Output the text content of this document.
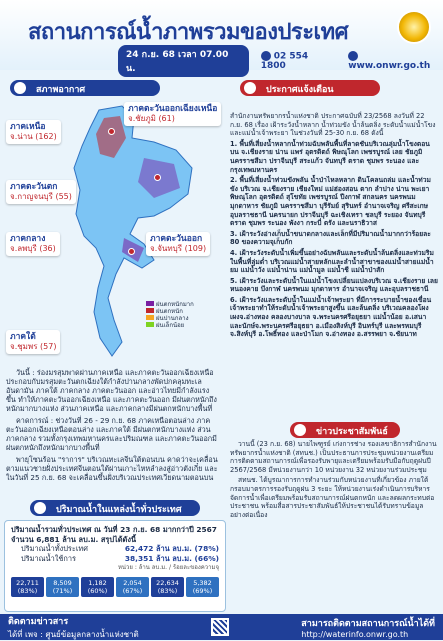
สถานการณ์น้ำภาพรวมของประเทศ
24 ก.ย. 68 เวลา 07.00 น.
02 554 1800	www.onwr.go.th
สภาพอากาศ	ประกาศแจ้งเตือน
ภาคเหนือ
จ.น่าน (162)
ภาคตะวันออกเฉียงเหนือ
จ.ชัยภูมิ (61)
ภาคตะวันตก
จ.กาญจนบุรี (55)
ภาคกลาง
จ.ลพบุรี (36)
ภาคตะวันออก
จ.จันทบุรี (109)
ภาคใต้
จ.ชุมพร (57)
ฝนตกหนักมาก
ฝนตกหนัก
ฝนปานกลาง
ฝนเล็กน้อย

วันนี้ : ร่องมรสุมพาดผ่านภาคเหนือ และภาคตะวันออกเฉียงเหนือประกอบกับมรสุมตะวันตกเฉียงใต้กำลังปานกลางพัดปกคลุมทะเลอันดามัน ภาคใต้ ภาคกลาง ภาคตะวันออก และอ่าวไทยมีกำลังแรงขึ้น ทำให้ภาคตะวันออกเฉียงเหนือ และภาคตะวันออก มีฝนตกหนักถึงหนักมากบางแห่ง ส่วนภาคเหนือ และภาคกลางมีฝนตกหนักบางพื้นที่

คาดการณ์ : ช่วงวันที่ 26 - 29 ก.ย. 68 ภาคเหนือตอนล่าง ภาคตะวันออกเฉียงเหนือตอนล่าง และภาคใต้ มีฝนตกหนักบางแห่ง ส่วนภาคกลาง รวมทั้งกรุงเทพมหานครและปริมณฑล และภาคตะวันออกมีฝนตกหนักถึงหนักมากบางพื้นที่

พายุโซนร้อน "ราการ" บริเวณทะเลจีนใต้ตอนบน คาดว่าจะเคลื่อนตามแนวชายฝั่งประเทศจีนตอนใต้ผ่านเกาะไหหลำลงสู่อ่าวตังเกี๋ย และในวันที่ 25 ก.ย. 68 จะเคลื่อนขึ้นฝั่งบริเวณประเทศเวียดนามตอนบน

สำนักงานทรัพยากรน้ำแห่งชาติ ประกาศฉบับที่ 23/2568 ลงวันที่ 22 ก.ย. 68 เรื่อง เฝ้าระวังน้ำหลาก น้ำท่วมขัง น้ำล้นตลิ่ง ระดับน้ำแม่น้ำโขงและแม่น้ำเจ้าพระยา ในช่วงวันที่ 25-30 ก.ย. 68 ดังนี้

1. พื้นที่เสี่ยงน้ำหลากน้ำท่วมฉับพลันพื้นที่ลาดชันบริเวณลุ่มน้ำโขงตอนบน จ.เชียงราย น่าน แพร่ อุตรดิตถ์ พิษณุโลก เพชรบูรณ์ เลย ชัยภูมิ นครราชสีมา ปราจีนบุรี สระแก้ว จันทบุรี ตราด ชุมพร ระนอง และกรุงเทพมหานคร

2. พื้นที่เสี่ยงน้ำท่วมขังพลัน น้ำป่าไหลหลาก ดินโคลนถล่ม และน้ำท่วมขัง บริเวณ จ.เชียงราย เชียงใหม่ แม่ฮ่องสอน ตาก ลำปาง น่าน พะเยา พิษณุโลก อุตรดิตถ์ สุโขทัย เพชรบูรณ์ ปีงกาฬ สกลนคร นครพนม มุกดาหาร ชัยภูมิ นครราชสีมา บุรีรัมย์ สุรินทร์ อำนาจเจริญ ศรีสะเกษ อุบลราชธานี นครนายก ปราจีนบุรี ฉะเชิงเทรา ชลบุรี ระยอง จันทบุรี ตราด ชุมพร ระนอง พังงา กระบี่ ตรัง และนราธิวาส

3. เฝ้าระวังอ่างเก็บน้ำขนาดกลางและเล็กที่มีปริมาณน้ำมากกว่าร้อยละ 80 ของความจุเก็บกัก

4. เฝ้าระวังระดับน้ำเพิ่มขึ้นอย่างฉับพลันและระดับน้ำล้นตลิ่งและท่วมริมในพื้นที่ลุ่มต่ำ บริเวณแม่น้ำสายหลักและลำน้ำสาขาของแม่น้ำสายแม่น้ำยม แม่น้ำวัง แม่น้ำน่าน แม่น้ำมูล แม่น้ำชี แม่น้ำป่าสัก

5. เฝ้าระวังและระดับน้ำในแม่น้ำโขงเปลี่ยนแปลงบริเวณ จ.เชียงราย เลย หนองคาย บึงกาฬ นครพนม มุกดาหาร อำนาจเจริญ และอุบลราชธานี

6. เฝ้าระวังและระดับน้ำในแม่น้ำเจ้าพระยา ที่มีการระบายน้ำของเขื่อนเจ้าพระยาทำให้ระดับน้ำเจ้าพระยาสูงขึ้น และล้นตลิ่ง บริเวณคลองโผงเผงจ.อ่างทอง คลองบางบาล จ.พระนครศรีอยุธยา แม่น้ำน้อย อ.เสนา และนักษ์จ.พระนครศรีอยุธยา อ.เมืองสิงห์บุรี อินทร์บุรี และพรหมบุรี จ.สิงห์บุรี อ.โพธิ์ทอง และป่าโมก จ.อ่างทอง อ.สรรพยา จ.ชัยนาท

ข่าวประชาสัมพันธ์

วานนี้ (23 ก.ย. 68) นายไพฑูรย์ เก่งการช่าง รองเลขาธิการสำนักงานทรัพยากรน้ำแห่งชาติ (สทนช.) เป็นประธานการประชุมหน่วยงานเตรียมการติดตามสถานการณ์เพื่อรองรับพายุและเตรียมพร้อมรับมือกับฤดูฝนปี 2567/2568 มีหน่วยงานกว่า 10 หน่วยงาน 32 หน่วยงานร่วมประชุม

สทนช. ได้บูรณาการการทำงานร่วมกับหน่วยงานที่เกี่ยวข้อง ภายใต้กรอบมาตรการรองรับฤดูฝน 3 ระยะ ให้หน่วยงานเร่งดำเนินการบริหารจัดการน้ำเพื่อเตรียมพร้อมรับสถานการณ์ฝนตกหนัก และลดผลกระทบต่อประชาชน พร้อมสื่อสารประชาสัมพันธ์ให้ประชาชนได้รับทราบข้อมูลอย่างต่อเนื่อง

ปริมาณน้ำในแหล่งน้ำทั่วประเทศ
ปริมาณน้ำรวมทั่วประเทศ ณ วันที่ 23 ก.ย. 68 มากกว่าปี 2567 จำนวน 6,881 ล้าน ลบ.ม. สรุปได้ดังนี้
ปริมาณน้ำทั้งประเทศ	62,472 ล้าน ลบ.ม. (78%)
ปริมาณน้ำใช้การ	38,351 ล้าน ลบ.ม. (66%)
หน่วย : ล้าน ลบ.ม. / ร้อยละของความจุ
22,711 (83%)
8,509 (71%)
1,182 (60%)
2,054 (67%)
22,634 (83%)
5,382 (69%)
ติดตามข่าวสาร
ได้ที่ เพจ : ศูนย์ข้อมูลกลางน้ำแห่งชาติ
สามารถติดตามสถานการณ์น้ำได้ที่
http://waterinfo.onwr.go.th
